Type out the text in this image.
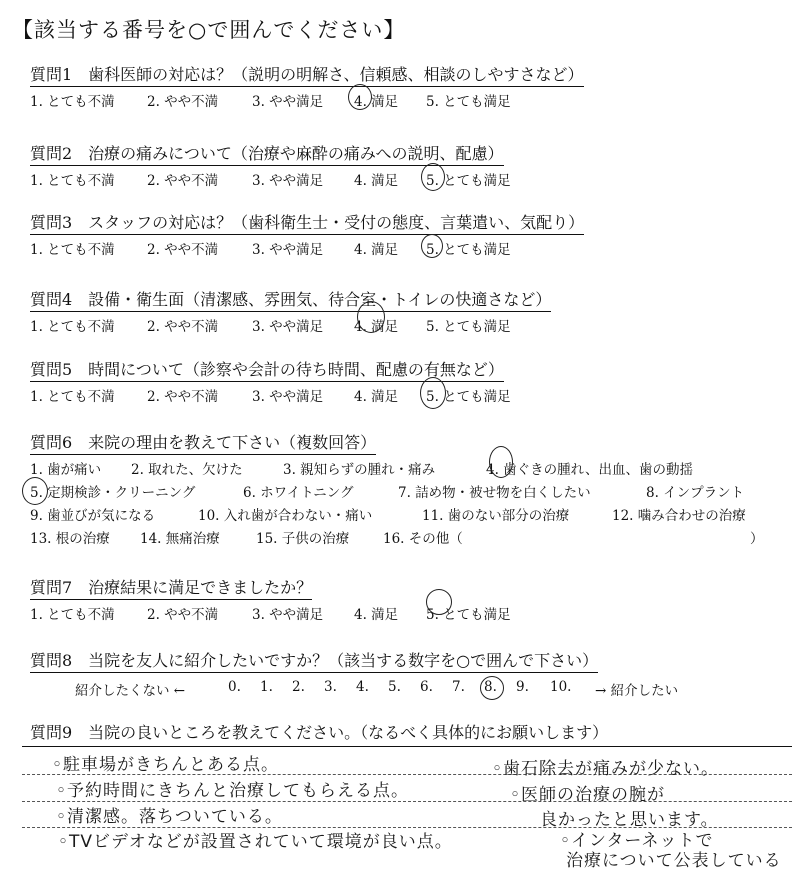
【該当する番号を○で囲んでください】
質問1　歯科医師の対応は？（説明の明解さ、信頼感、相談のしやすさなど）
1. とても不満 2. やや不満	3. やや満足 4. 満足 5. とても満足
質問2　治療の痛みについて（治療や麻酔の痛みへの説明、配慮）
1. とても不満 2. やや不満	3. やや満足 4. 満足 5. とても満足
質問3　スタッフの対応は？（歯科衛生士・受付の態度、言葉遣い、気配り）
1. とても不満 2. やや不満	3. やや満足 4. 満足 5. とても満足
質問4　設備・衛生面（清潔感、雰囲気、待合室・トイレの快適さなど）
1. とても不満 2. やや不満	3. やや満足 4. 満足 5. とても満足
質問5　時間について（診察や会計の待ち時間、配慮の有無など）
1. とても不満 2. やや不満	3. やや満足 4. 満足 5. とても満足
質問6　来院の理由を教えて下さい（複数回答）
1. 歯が痛い 2. 取れた、欠けた	3. 親知らずの腫れ・痛み	4. 歯ぐきの腫れ、出血、歯の動揺
5. 定期検診・クリーニング	6. ホワイトニング	7. 詰め物・被せ物を白くしたい	8. インプラント
9. 歯並びが気になる	10. 入れ歯が合わない・痛い	11. 歯のない部分の治療	12. 噛み合わせの治療
13. 根の治療 14. 無痛治療	15. 子供の治療 16. その他（	）
質問7　治療結果に満足できましたか？
1. とても不満 2. やや不満	3. やや満足 4. 満足 5. とても満足
質問8　当院を友人に紹介したいですか？（該当する数字を○で囲んで下さい）
紹介したくない ←	0. 1. 2. 3. 4. 5. 6. 7. 8. 9. 10. → 紹介したい
質問9　当院の良いところを教えてください。（なるべく具体的にお願いします）
◦駐車場がきちんとある点。
◦予約時間にきちんと治療してもらえる点。
◦清潔感。落ちついている。
◦TVビデオなどが設置されていて環境が良い点。
◦歯石除去が痛みが少ない。
◦医師の治療の腕が
良かったと思います。
◦インターネットで
治療について公表している
